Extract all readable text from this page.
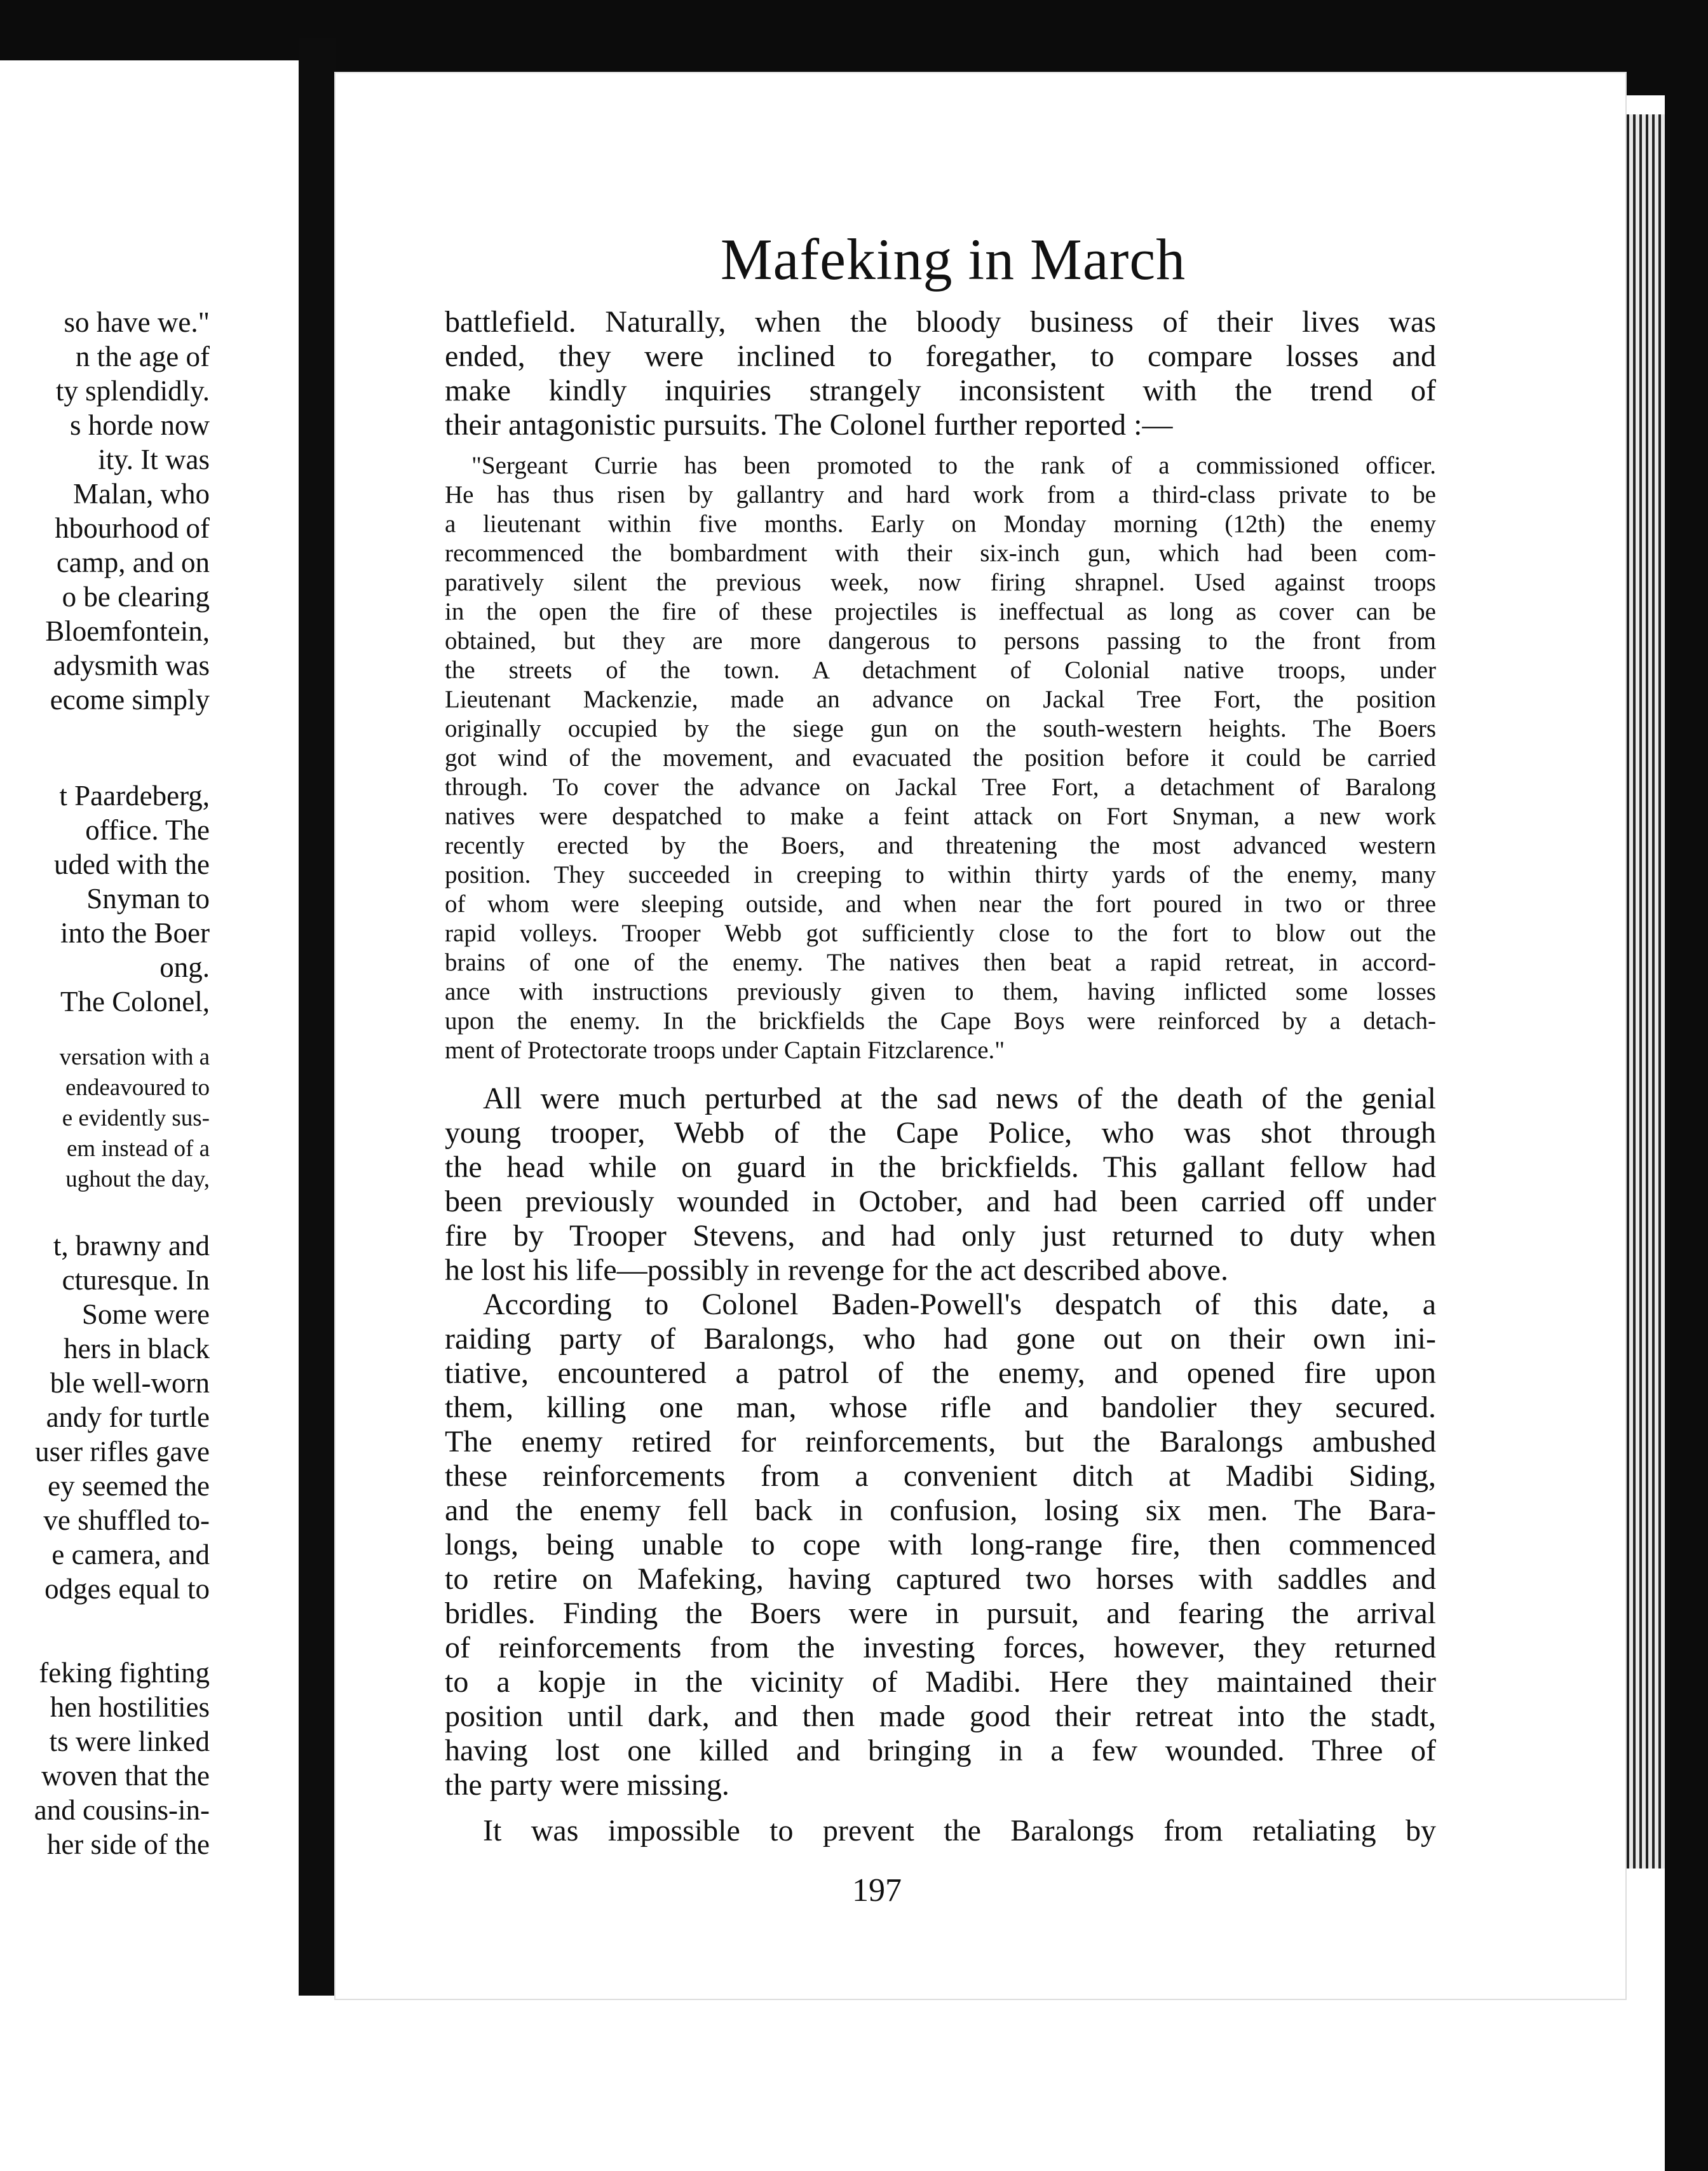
so have we."
n the age of
ty splendidly.
s horde now
ity. It was
Malan, who
hbourhood of
camp, and on
o be clearing
Bloemfontein,
adysmith was
ecome simply
t Paardeberg,
office. The
uded with the
Snyman to
into the Boer
ong.
The Colonel,
versation with a
endeavoured to
e evidently sus-
em instead of a
ughout the day,
t, brawny and
cturesque. In
Some were
hers in black
ble well-worn
andy for turtle
user rifles gave
ey seemed the
ve shuffled to-
e camera, and
odges equal to
feking fighting
hen hostilities
ts were linked
woven that the
and cousins-in-
her side of the
Mafeking in March

battlefield. Naturally, when the bloody business of their lives was
ended, they were inclined to foregather, to compare losses and
make kindly inquiries strangely inconsistent with the trend of
their antagonistic pursuits. The Colonel further reported :—

"Sergeant Currie has been promoted to the rank of a commissioned officer.
He has thus risen by gallantry and hard work from a third-class private to be
a lieutenant within five months. Early on Monday morning (12th) the enemy
recommenced the bombardment with their six-inch gun, which had been com-
paratively silent the previous week, now firing shrapnel. Used against troops
in the open the fire of these projectiles is ineffectual as long as cover can be
obtained, but they are more dangerous to persons passing to the front from
the streets of the town. A detachment of Colonial native troops, under
Lieutenant Mackenzie, made an advance on Jackal Tree Fort, the position
originally occupied by the siege gun on the south-western heights. The Boers
got wind of the movement, and evacuated the position before it could be carried
through. To cover the advance on Jackal Tree Fort, a detachment of Baralong
natives were despatched to make a feint attack on Fort Snyman, a new work
recently erected by the Boers, and threatening the most advanced western
position. They succeeded in creeping to within thirty yards of the enemy, many
of whom were sleeping outside, and when near the fort poured in two or three
rapid volleys. Trooper Webb got sufficiently close to the fort to blow out the
brains of one of the enemy. The natives then beat a rapid retreat, in accord-
ance with instructions previously given to them, having inflicted some losses
upon the enemy. In the brickfields the Cape Boys were reinforced by a detach-
ment of Protectorate troops under Captain Fitzclarence."

All were much perturbed at the sad news of the death of the genial
young trooper, Webb of the Cape Police, who was shot through
the head while on guard in the brickfields. This gallant fellow had
been previously wounded in October, and had been carried off under
fire by Trooper Stevens, and had only just returned to duty when
he lost his life—possibly in revenge for the act described above.

According to Colonel Baden-Powell's despatch of this date, a
raiding party of Baralongs, who had gone out on their own ini-
tiative, encountered a patrol of the enemy, and opened fire upon
them, killing one man, whose rifle and bandolier they secured.
The enemy retired for reinforcements, but the Baralongs ambushed
these reinforcements from a convenient ditch at Madibi Siding,
and the enemy fell back in confusion, losing six men. The Bara-
longs, being unable to cope with long-range fire, then commenced
to retire on Mafeking, having captured two horses with saddles and
bridles. Finding the Boers were in pursuit, and fearing the arrival
of reinforcements from the investing forces, however, they returned
to a kopje in the vicinity of Madibi. Here they maintained their
position until dark, and then made good their retreat into the stadt,
having lost one killed and bringing in a few wounded. Three of
the party were missing.

It was impossible to prevent the Baralongs from retaliating by

197
